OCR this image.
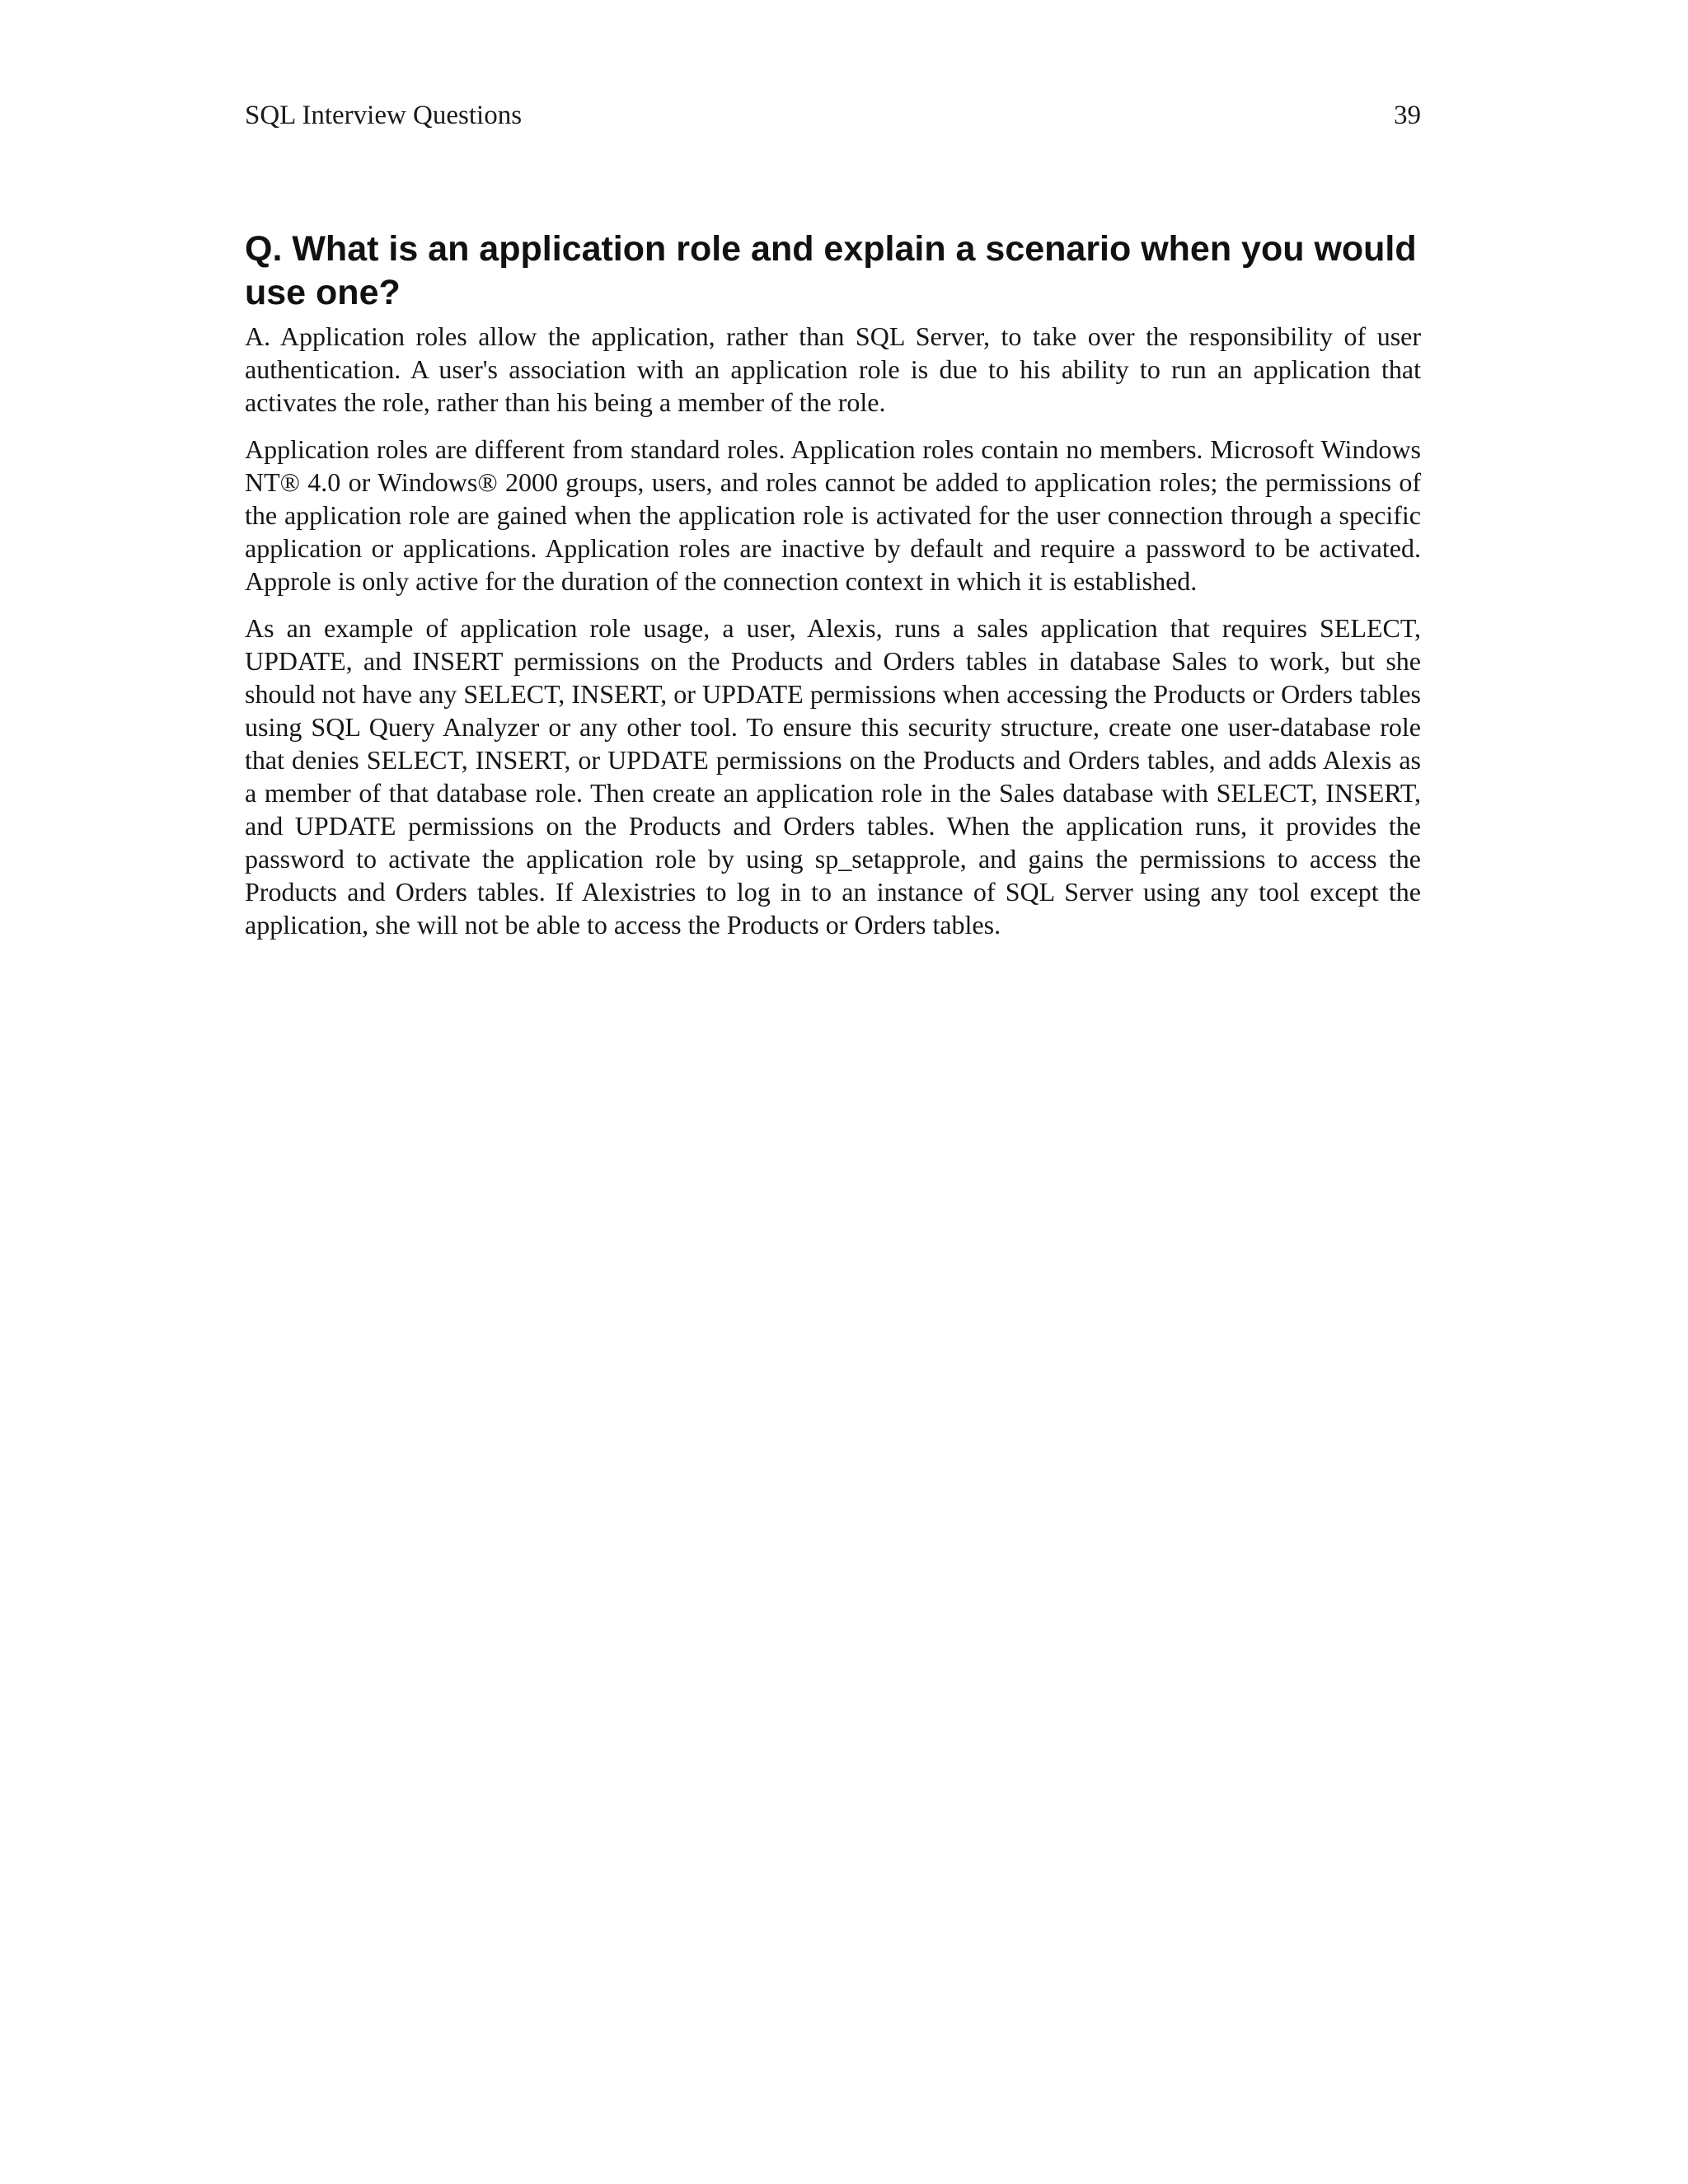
SQL Interview Questions	39
Q. What is an application role and explain a scenario when you would use one?

A. Application roles allow the application, rather than SQL Server, to take over the responsibility of user authentication. A user's association with an application role is due to his ability to run an application that activates the role, rather than his being a member of the role.

Application roles are different from standard roles. Application roles contain no members. Microsoft Windows NT® 4.0 or Windows® 2000 groups, users, and roles cannot be added to application roles; the permissions of the application role are gained when the application role is activated for the user connection through a specific application or applications. Application roles are inactive by default and require a password to be activated. Approle is only active for the duration of the connection context in which it is established.

As an example of application role usage, a user, Alexis, runs a sales application that requires SELECT, UPDATE, and INSERT permissions on the Products and Orders tables in database Sales to work, but she should not have any SELECT, INSERT, or UPDATE permissions when accessing the Products or Orders tables using SQL Query Analyzer or any other tool. To ensure this security structure, create one user-database role that denies SELECT, INSERT, or UPDATE permissions on the Products and Orders tables, and adds Alexis as a member of that database role. Then create an application role in the Sales database with SELECT, INSERT, and UPDATE permissions on the Products and Orders tables. When the application runs, it provides the password to activate the application role by using sp_setapprole, and gains the permissions to access the Products and Orders tables. If Alexistries to log in to an instance of SQL Server using any tool except the application, she will not be able to access the Products or Orders tables.
